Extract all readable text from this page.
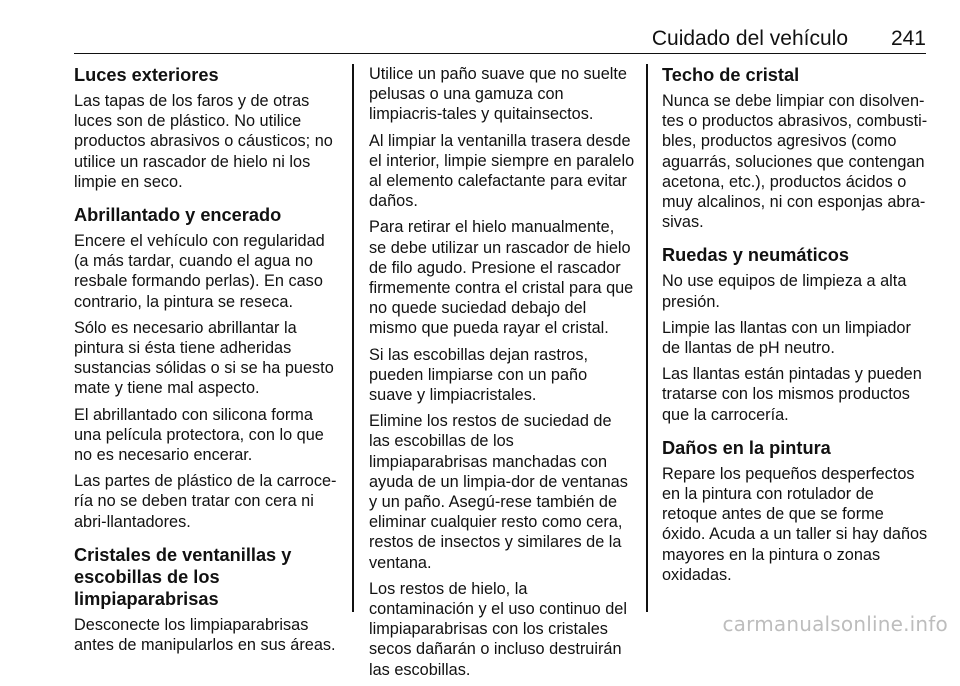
Cuidado del vehículo 241
Luces exteriores

Las tapas de los faros y de otras luces son de plástico. No utilice productos abrasivos o cáusticos; no utilice un rascador de hielo ni los limpie en seco.

Abrillantado y encerado

Encere el vehículo con regularidad (a más tardar, cuando el agua no resbale formando perlas). En caso contrario, la pintura se reseca.

Sólo es necesario abrillantar la pintura si ésta tiene adheridas sustancias sólidas o si se ha puesto mate y tiene mal aspecto.

El abrillantado con silicona forma una película protectora, con lo que no es necesario encerar.

Las partes de plástico de la carroce-ría no se deben tratar con cera ni abri-llantadores.

Cristales de ventanillas y escobillas de los limpiaparabrisas

Desconecte los limpiaparabrisas antes de manipularlos en sus áreas.

Utilice un paño suave que no suelte pelusas o una gamuza con limpiacris-tales y quitainsectos.

Al limpiar la ventanilla trasera desde el interior, limpie siempre en paralelo al elemento calefactante para evitar daños.

Para retirar el hielo manualmente, se debe utilizar un rascador de hielo de filo agudo. Presione el rascador firmemente contra el cristal para que no quede suciedad debajo del mismo que pueda rayar el cristal.

Si las escobillas dejan rastros, pueden limpiarse con un paño suave y limpiacristales.

Elimine los restos de suciedad de las escobillas de los limpiaparabrisas manchadas con ayuda de un limpia-dor de ventanas y un paño. Asegú-rese también de eliminar cualquier resto como cera, restos de insectos y similares de la ventana.

Los restos de hielo, la contaminación y el uso continuo del limpiaparabrisas con los cristales secos dañarán o incluso destruirán las escobillas.

Techo de cristal

Nunca se debe limpiar con disolven-tes o productos abrasivos, combusti-bles, productos agresivos (como aguarrás, soluciones que contengan acetona, etc.), productos ácidos o muy alcalinos, ni con esponjas abra-sivas.

Ruedas y neumáticos

No use equipos de limpieza a alta presión.

Limpie las llantas con un limpiador de llantas de pH neutro.

Las llantas están pintadas y pueden tratarse con los mismos productos que la carrocería.

Daños en la pintura

Repare los pequeños desperfectos en la pintura con rotulador de retoque antes de que se forme óxido. Acuda a un taller si hay daños mayores en la pintura o zonas oxidadas.

carmanualsonline.info
